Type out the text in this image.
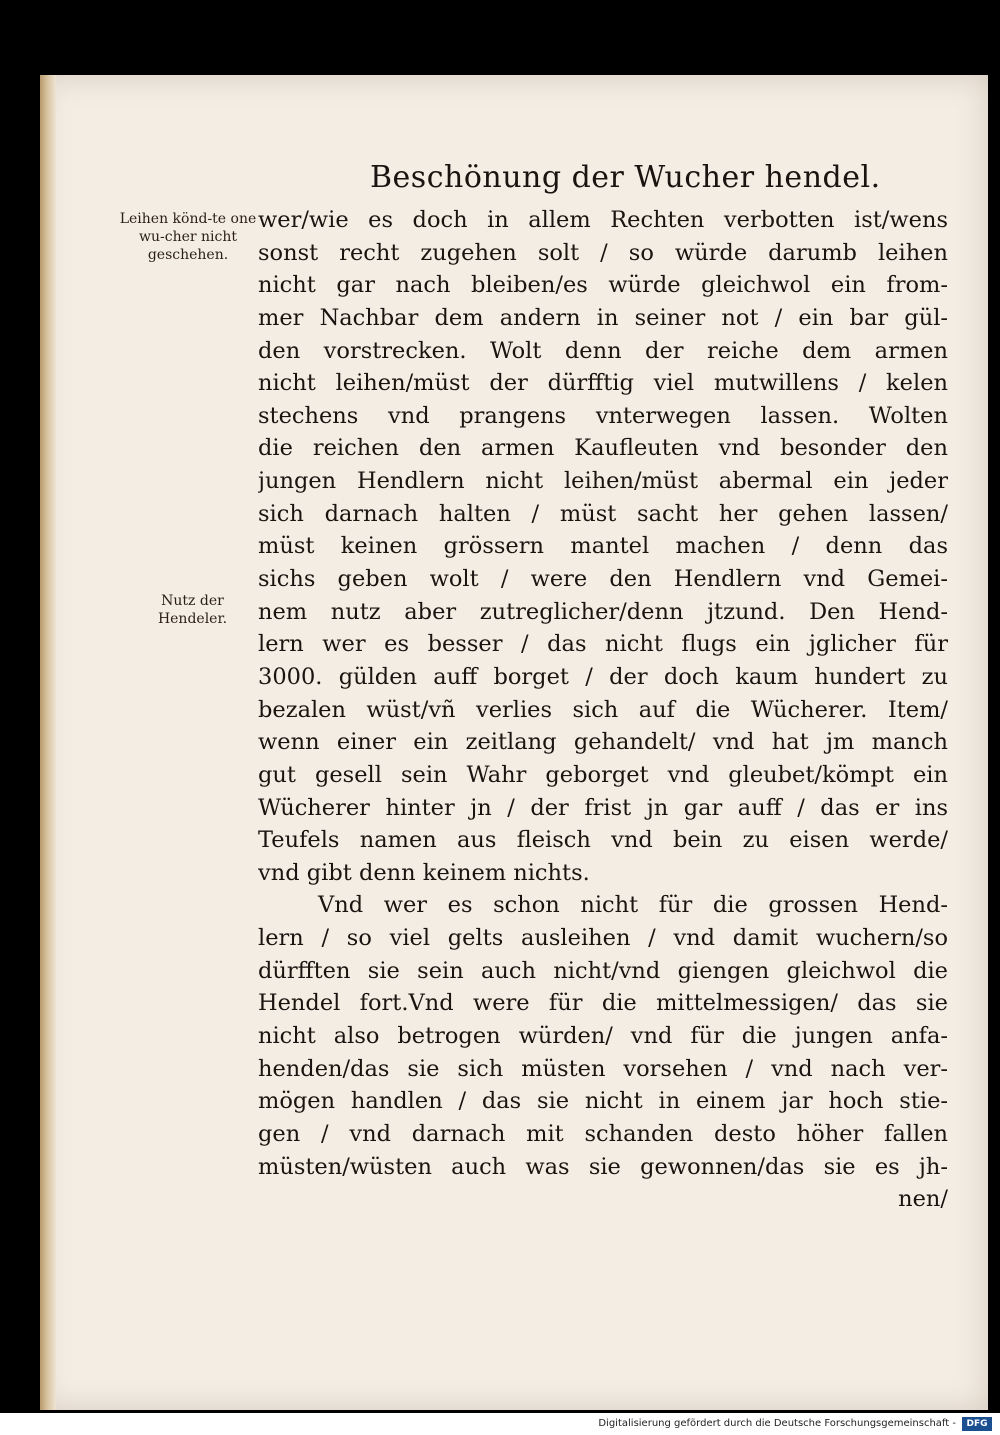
Beschönung der Wucher hendel.
Leihen könd-te one wu-cher nicht geschehen.
Nutz der Hendeler.
wer/wie es doch in allem Rechten verbotten ist/wens
sonst recht zugehen solt / so würde darumb leihen
nicht gar nach bleiben/es würde gleichwol ein from-
mer Nachbar dem andern in seiner not / ein bar gül-
den vorstrecken. Wolt denn der reiche dem armen
nicht leihen/müst der dürfftig viel mutwillens / kelen
stechens vnd prangens vnterwegen lassen. Wolten
die reichen den armen Kaufleuten vnd besonder den
jungen Hendlern nicht leihen/müst abermal ein jeder
sich darnach halten / müst sacht her gehen lassen/
müst keinen grössern mantel machen / denn das
sichs geben wolt / were den Hendlern vnd Gemei-
nem nutz aber zutreglicher/denn jtzund. Den Hend-
lern wer es besser / das nicht flugs ein jglicher für
3000. gülden auff borget / der doch kaum hundert zu
bezalen wüst/vñ verlies sich auf die Wücherer. Item/
wenn einer ein zeitlang gehandelt/ vnd hat jm manch
gut gesell sein Wahr geborget vnd gleubet/kömpt ein
Wücherer hinter jn / der frist jn gar auff / das er ins
Teufels namen aus fleisch vnd bein zu eisen werde/
vnd gibt denn keinem nichts.
Vnd wer es schon nicht für die grossen Hend-
lern / so viel gelts ausleihen / vnd damit wuchern/so
dürfften sie sein auch nicht/vnd giengen gleichwol die
Hendel fort.Vnd were für die mittelmessigen/ das sie
nicht also betrogen würden/ vnd für die jungen anfa-
henden/das sie sich müsten vorsehen / vnd nach ver-
mögen handlen / das sie nicht in einem jar hoch stie-
gen / vnd darnach mit schanden desto höher fallen
müsten/wüsten auch was sie gewonnen/das sie es jh-
nen/
Digitalisierung gefördert durch die Deutsche Forschungsgemeinschaft -	DFG
